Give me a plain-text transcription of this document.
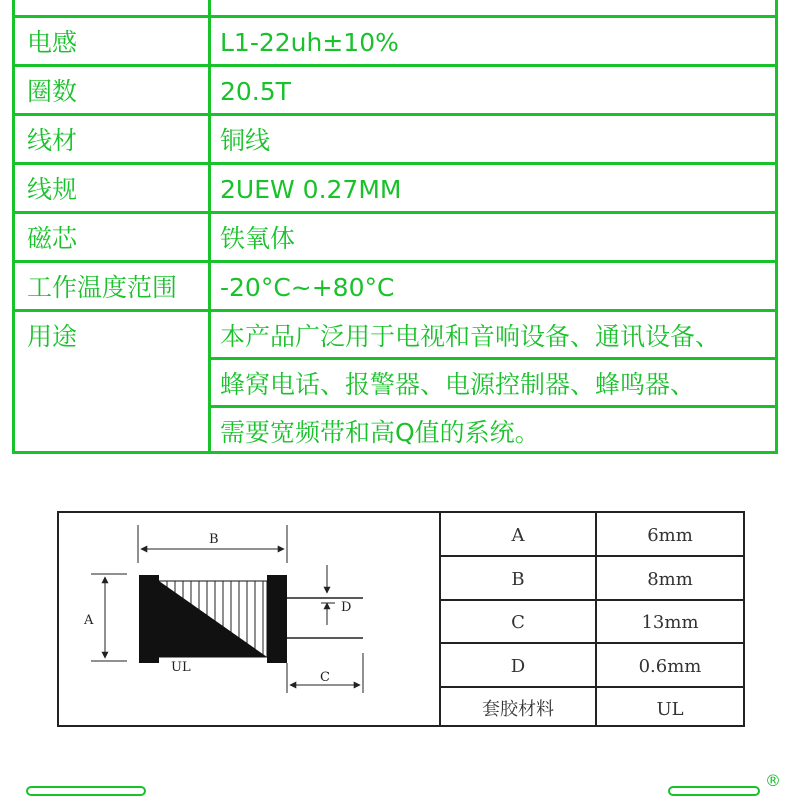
电感	L1-22uh±10%
圈数	20.5T
线材	铜线
线规	2UEW 0.27MM
磁芯	铁氧体
工作温度范围 -20°C~+80°C
用途	本产品广泛用于电视和音响设备、通讯设备、
蜂窝电话、报警器、电源控制器、蜂鸣器、
需要宽频带和高Q值的系统。
B
A
D
C
UL
A	6mm
B	8mm
C	13mm
D	0.6mm
套胶材料	UL
®
